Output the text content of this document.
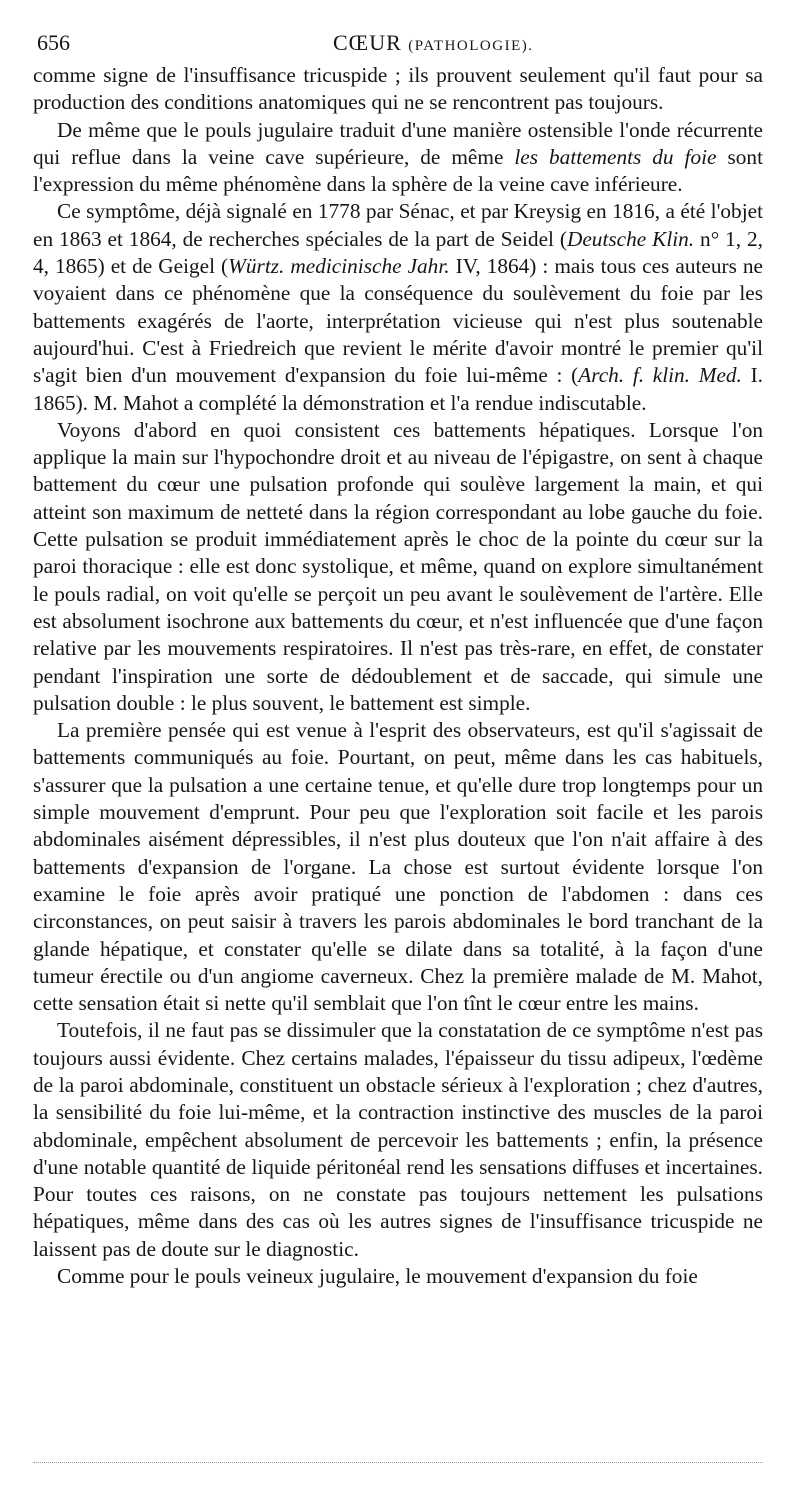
656	CŒUR (PATHOLOGIE).

comme signe de l'insuffisance tricuspide ; ils prouvent seulement qu'il faut pour sa production des conditions anatomiques qui ne se rencontrent pas toujours.

De même que le pouls jugulaire traduit d'une manière ostensible l'onde récurrente qui reflue dans la veine cave supérieure, de même les battements du foie sont l'expression du même phénomène dans la sphère de la veine cave inférieure.

Ce symptôme, déjà signalé en 1778 par Sénac, et par Kreysig en 1816, a été l'objet en 1863 et 1864, de recherches spéciales de la part de Seidel (Deutsche Klin. n° 1, 2, 4, 1865) et de Geigel (Würtz. medicinische Jahr. IV, 1864) : mais tous ces auteurs ne voyaient dans ce phénomène que la conséquence du soulèvement du foie par les battements exagérés de l'aorte, interprétation vicieuse qui n'est plus soutenable aujourd'hui. C'est à Friedreich que revient le mérite d'avoir montré le premier qu'il s'agit bien d'un mouvement d'expansion du foie lui-même : (Arch. f. klin. Med. I. 1865). M. Mahot a complété la démonstration et l'a rendue indiscutable.

Voyons d'abord en quoi consistent ces battements hépatiques. Lorsque l'on applique la main sur l'hypochondre droit et au niveau de l'épigastre, on sent à chaque battement du cœur une pulsation profonde qui soulève largement la main, et qui atteint son maximum de netteté dans la région correspondant au lobe gauche du foie. Cette pulsation se produit immédiatement après le choc de la pointe du cœur sur la paroi thoracique : elle est donc systolique, et même, quand on explore simultanément le pouls radial, on voit qu'elle se perçoit un peu avant le soulèvement de l'artère. Elle est absolument isochrone aux battements du cœur, et n'est influencée que d'une façon relative par les mouvements respiratoires. Il n'est pas très-rare, en effet, de constater pendant l'inspiration une sorte de dédoublement et de saccade, qui simule une pulsation double : le plus souvent, le battement est simple.

La première pensée qui est venue à l'esprit des observateurs, est qu'il s'agissait de battements communiqués au foie. Pourtant, on peut, même dans les cas habituels, s'assurer que la pulsation a une certaine tenue, et qu'elle dure trop longtemps pour un simple mouvement d'emprunt. Pour peu que l'exploration soit facile et les parois abdominales aisément dépressibles, il n'est plus douteux que l'on n'ait affaire à des battements d'expansion de l'organe. La chose est surtout évidente lorsque l'on examine le foie après avoir pratiqué une ponction de l'abdomen : dans ces circonstances, on peut saisir à travers les parois abdominales le bord tranchant de la glande hépatique, et constater qu'elle se dilate dans sa totalité, à la façon d'une tumeur érectile ou d'un angiome caverneux. Chez la première malade de M. Mahot, cette sensation était si nette qu'il semblait que l'on tînt le cœur entre les mains.

Toutefois, il ne faut pas se dissimuler que la constatation de ce symptôme n'est pas toujours aussi évidente. Chez certains malades, l'épaisseur du tissu adipeux, l'œdème de la paroi abdominale, constituent un obstacle sérieux à l'exploration ; chez d'autres, la sensibilité du foie lui-même, et la contraction instinctive des muscles de la paroi abdominale, empêchent absolument de percevoir les battements ; enfin, la présence d'une notable quantité de liquide péritonéal rend les sensations diffuses et incertaines. Pour toutes ces raisons, on ne constate pas toujours nettement les pulsations hépatiques, même dans des cas où les autres signes de l'insuffisance tricuspide ne laissent pas de doute sur le diagnostic.

Comme pour le pouls veineux jugulaire, le mouvement d'expansion du foie
